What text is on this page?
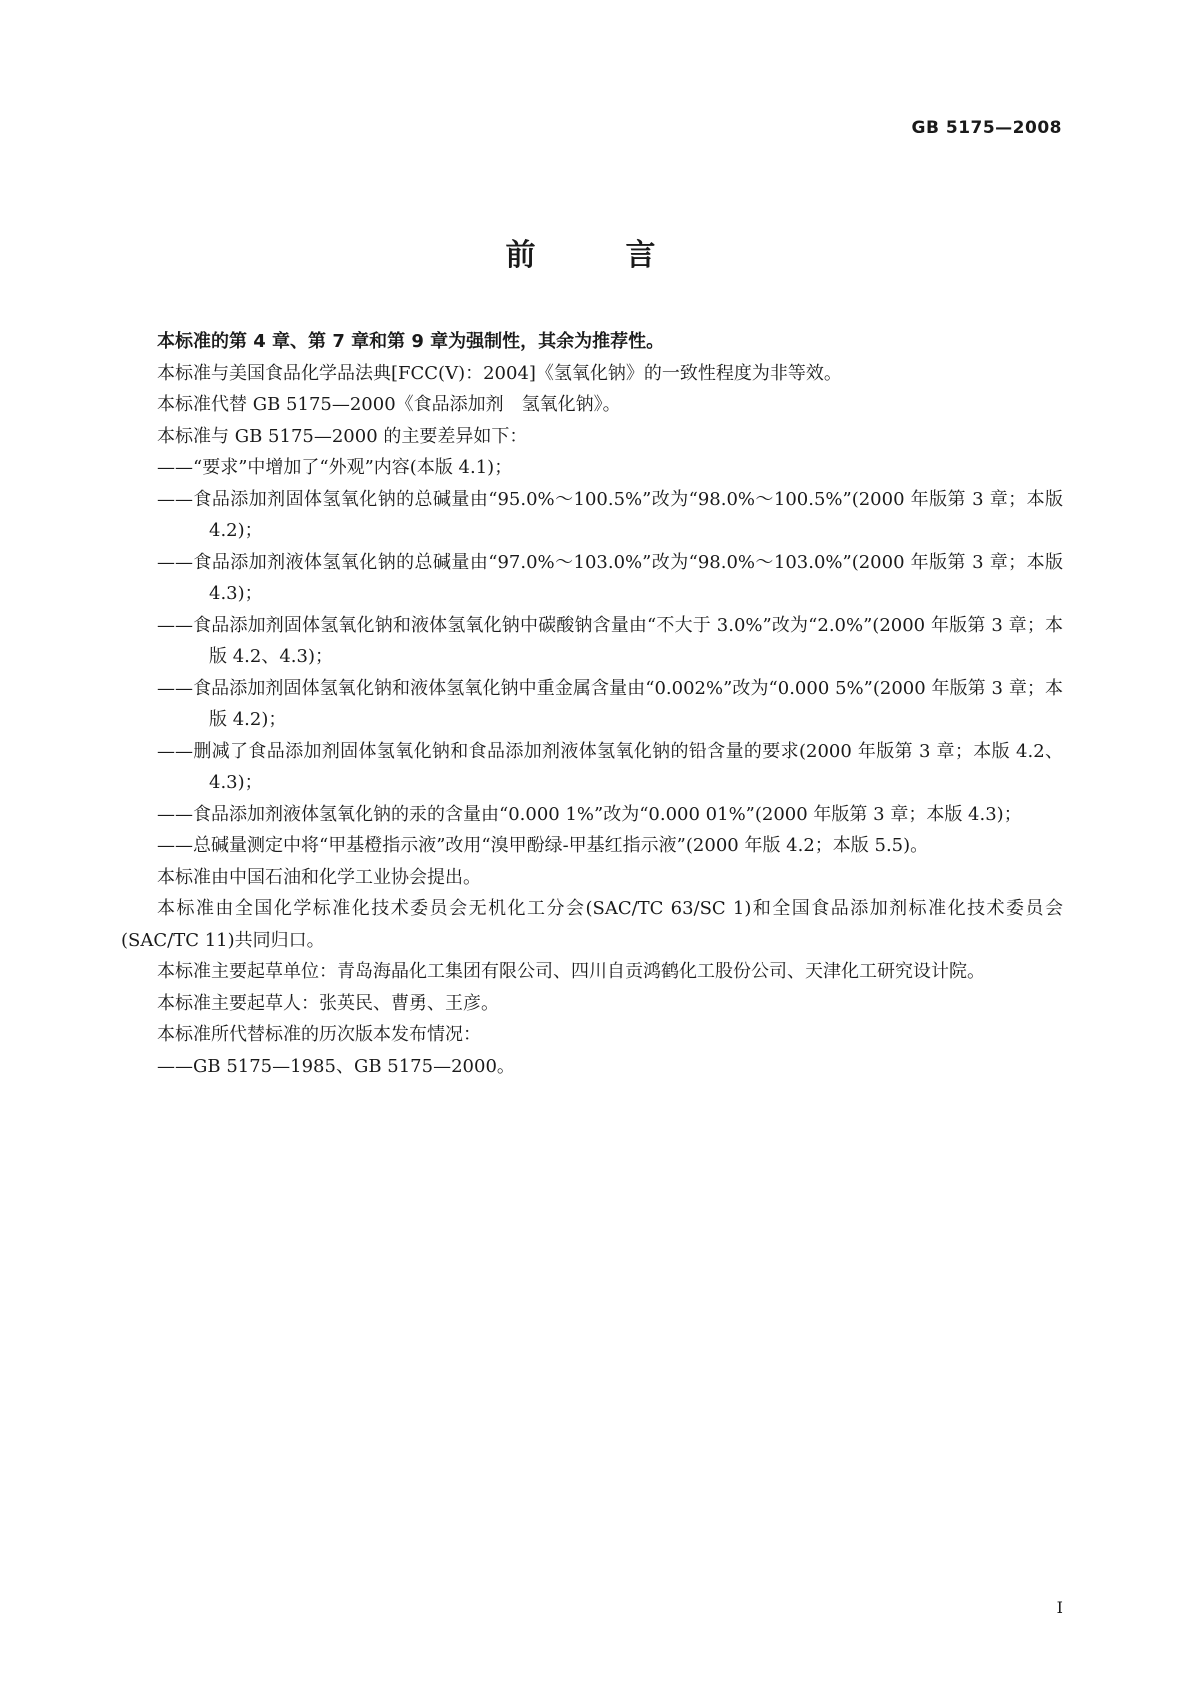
GB 5175—2008
前　言

本标准的第 4 章、第 7 章和第 9 章为强制性，其余为推荐性。

本标准与美国食品化学品法典[FCC(V)：2004]《氢氧化钠》的一致性程度为非等效。

本标准代替 GB 5175—2000《食品添加剂　氢氧化钠》。

本标准与 GB 5175—2000 的主要差异如下：

——“要求”中增加了“外观”内容(本版 4.1)；

——食品添加剂固体氢氧化钠的总碱量由“95.0%～100.5%”改为“98.0%～100.5%”(2000 年版第 3 章；本版 4.2)；

——食品添加剂液体氢氧化钠的总碱量由“97.0%～103.0%”改为“98.0%～103.0%”(2000 年版第 3 章；本版 4.3)；

——食品添加剂固体氢氧化钠和液体氢氧化钠中碳酸钠含量由“不大于 3.0%”改为“2.0%”(2000 年版第 3 章；本版 4.2、4.3)；

——食品添加剂固体氢氧化钠和液体氢氧化钠中重金属含量由“0.002%”改为“0.000 5%”(2000 年版第 3 章；本版 4.2)；

——删减了食品添加剂固体氢氧化钠和食品添加剂液体氢氧化钠的铅含量的要求(2000 年版第 3 章；本版 4.2、4.3)；

——食品添加剂液体氢氧化钠的汞的含量由“0.000 1%”改为“0.000 01%”(2000 年版第 3 章；本版 4.3)；

——总碱量测定中将“甲基橙指示液”改用“溴甲酚绿-甲基红指示液”(2000 年版 4.2；本版 5.5)。

本标准由中国石油和化学工业协会提出。

本标准由全国化学标准化技术委员会无机化工分会(SAC/TC 63/SC 1)和全国食品添加剂标准化技术委员会(SAC/TC 11)共同归口。

本标准主要起草单位：青岛海晶化工集团有限公司、四川自贡鸿鹤化工股份公司、天津化工研究设计院。

本标准主要起草人：张英民、曹勇、王彦。

本标准所代替标准的历次版本发布情况：

——GB 5175—1985、GB 5175—2000。

I
